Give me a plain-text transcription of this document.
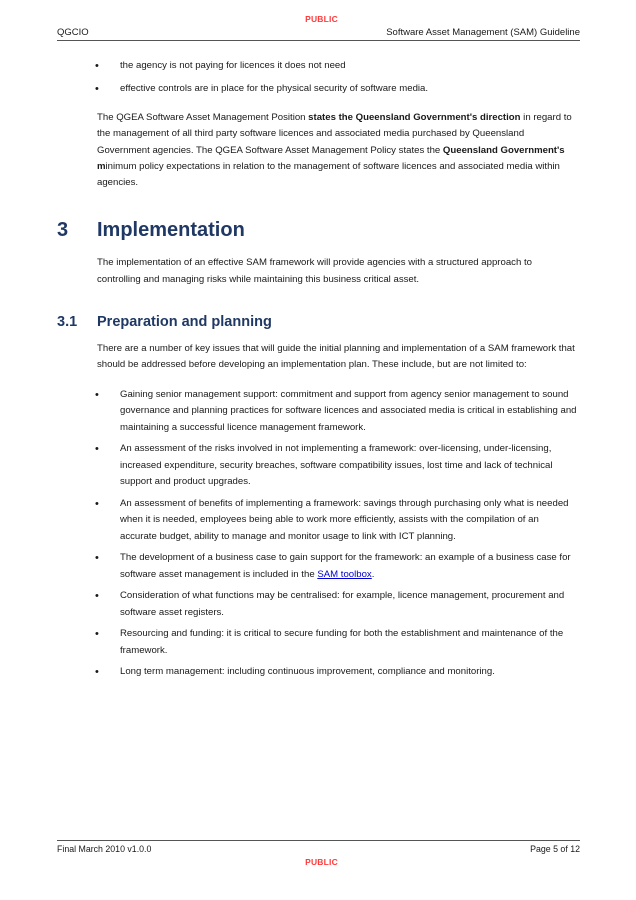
PUBLIC
QGCIO	Software Asset Management (SAM) Guideline
•	the agency is not paying for licences it does not need
•	effective controls are in place for the physical security of software media.

The QGEA Software Asset Management Position states the Queensland Government's direction in regard to the management of all third party software licences and associated media purchased by Queensland Government agencies. The QGEA Software Asset Management Policy states the Queensland Government's minimum policy expectations in relation to the management of software licences and associated media within agencies.

3	Implementation

The implementation of an effective SAM framework will provide agencies with a structured approach to controlling and managing risks while maintaining this business critical asset.

3.1	Preparation and planning

There are a number of key issues that will guide the initial planning and implementation of a SAM framework that should be addressed before developing an implementation plan. These include, but are not limited to:

•	Gaining senior management support: commitment and support from agency senior management to sound governance and planning practices for software licences and associated media is critical in establishing and maintaining a successful licence management framework.
•	An assessment of the risks involved in not implementing a framework: over-licensing, under-licensing, increased expenditure, security breaches, software compatibility issues, lost time and lack of technical support and product upgrades.
•	An assessment of benefits of implementing a framework: savings through purchasing only what is needed when it is needed, employees being able to work more efficiently, assists with the compilation of an accurate budget, ability to manage and monitor usage to link with ICT planning.
•	The development of a business case to gain support for the framework: an example of a business case for software asset management is included in the SAM toolbox.
•	Consideration of what functions may be centralised: for example, licence management, procurement and software asset registers.
•	Resourcing and funding: it is critical to secure funding for both the establishment and maintenance of the framework.
•	Long term management: including continuous improvement, compliance and monitoring.
Final March 2010 v1.0.0	Page 5 of 12
PUBLIC
